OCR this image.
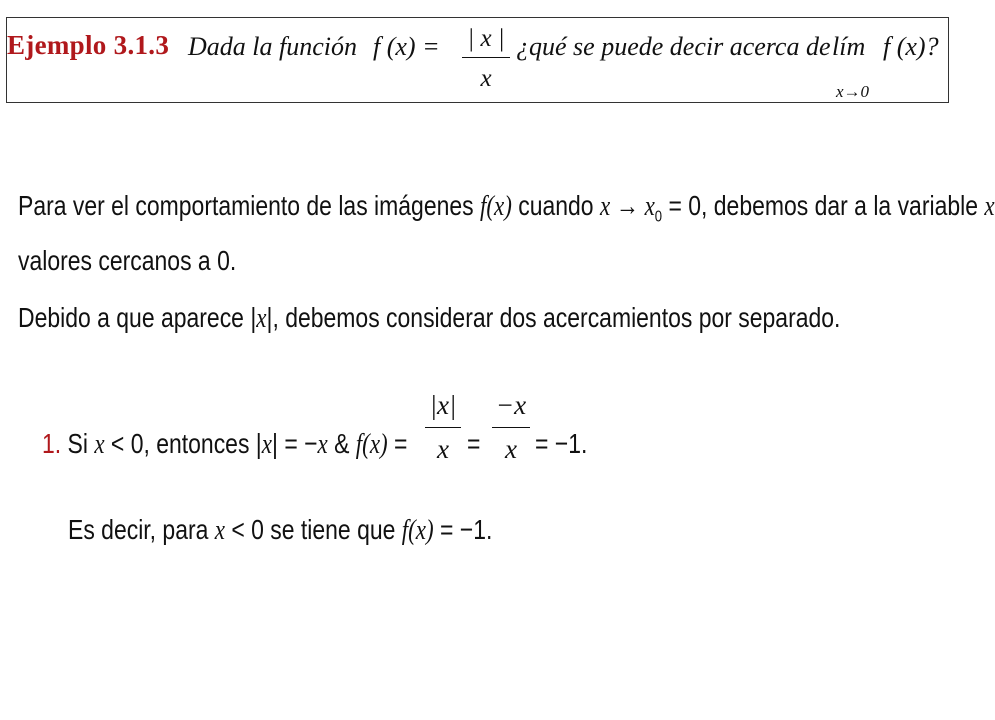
Ejemplo 3.1.3 Dada la función f (x) = | x |
x
¿qué se puede decir acerca de lím
x→0
f (x)?
Para ver el comportamiento de las imágenes f(x) cuando $x \to x_0 = 0$, debemos dar a la variable x
valores cercanos a 0.
Debido a que aparece |x|, debemos considerar dos acercamientos por separado.
1. Si x < 0, entonces |x| = −x & f(x) =
|x|
x =
−x
x = −1.
Es decir, para x < 0 se tiene que f(x) = −1.
